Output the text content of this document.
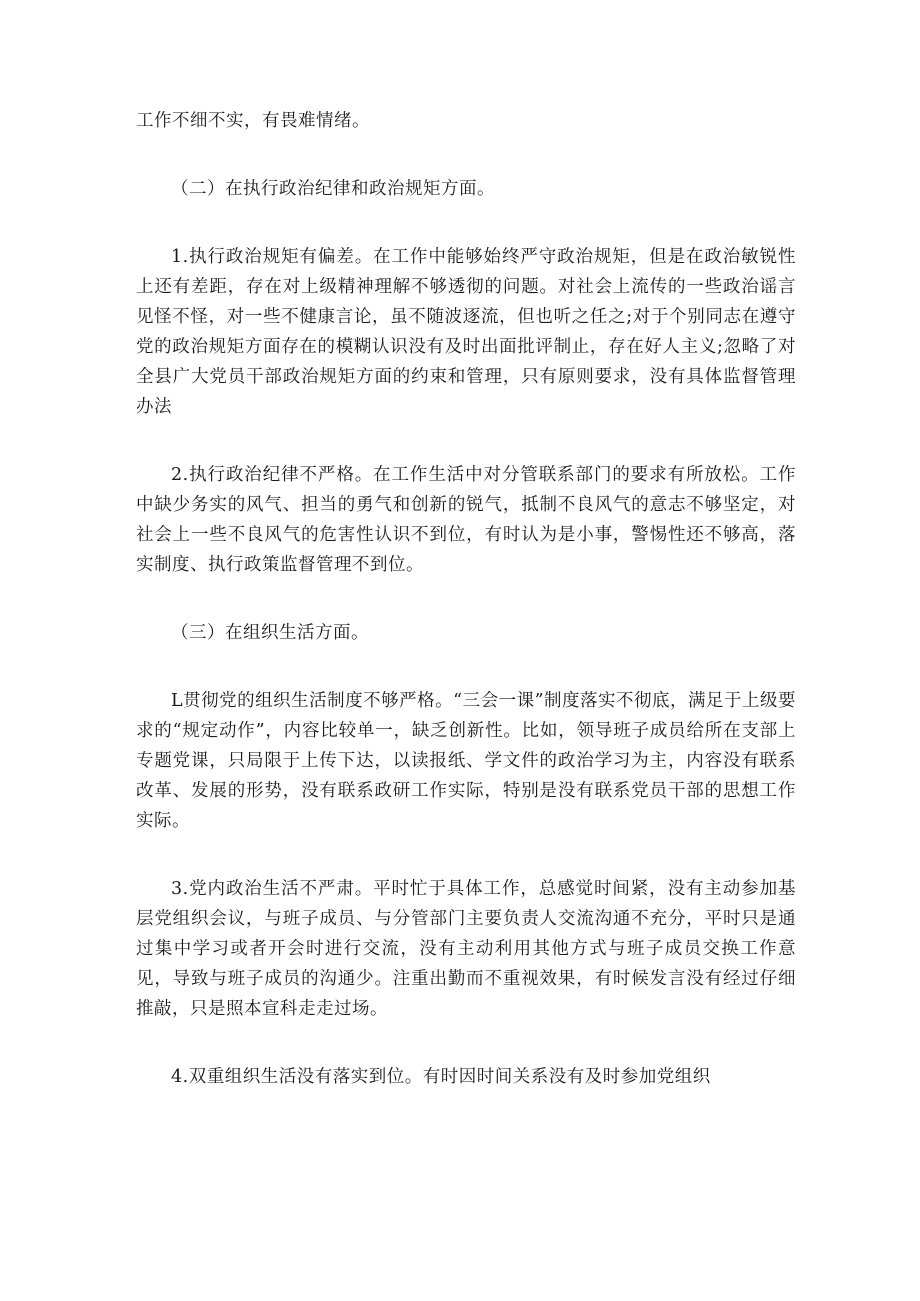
工作不细不实，有畏难情绪。

（二）在执行政治纪律和政治规矩方面。

1.执行政治规矩有偏差。在工作中能够始终严守政治规矩，但是在政治敏锐性上还有差距，存在对上级精神理解不够透彻的问题。对社会上流传的一些政治谣言见怪不怪，对一些不健康言论，虽不随波逐流，但也听之任之;对于个别同志在遵守党的政治规矩方面存在的模糊认识没有及时出面批评制止，存在好人主义;忽略了对全县广大党员干部政治规矩方面的约束和管理，只有原则要求，没有具体监督管理办法

2.执行政治纪律不严格。在工作生活中对分管联系部门的要求有所放松。工作中缺少务实的风气、担当的勇气和创新的锐气，抵制不良风气的意志不够坚定，对社会上一些不良风气的危害性认识不到位，有时认为是小事，警惕性还不够高，落实制度、执行政策监督管理不到位。

（三）在组织生活方面。

L贯彻党的组织生活制度不够严格。“三会一课”制度落实不彻底，满足于上级要求的“规定动作”，内容比较单一，缺乏创新性。比如，领导班子成员给所在支部上专题党课，只局限于上传下达，以读报纸、学文件的政治学习为主，内容没有联系改革、发展的形势，没有联系政研工作实际，特别是没有联系党员干部的思想工作实际。

3.党内政治生活不严肃。平时忙于具体工作，总感觉时间紧，没有主动参加基层党组织会议，与班子成员、与分管部门主要负责人交流沟通不充分，平时只是通过集中学习或者开会时进行交流，没有主动利用其他方式与班子成员交换工作意见，导致与班子成员的沟通少。注重出勤而不重视效果，有时候发言没有经过仔细推敲，只是照本宣科走走过场。

4.双重组织生活没有落实到位。有时因时间关系没有及时参加党组织
